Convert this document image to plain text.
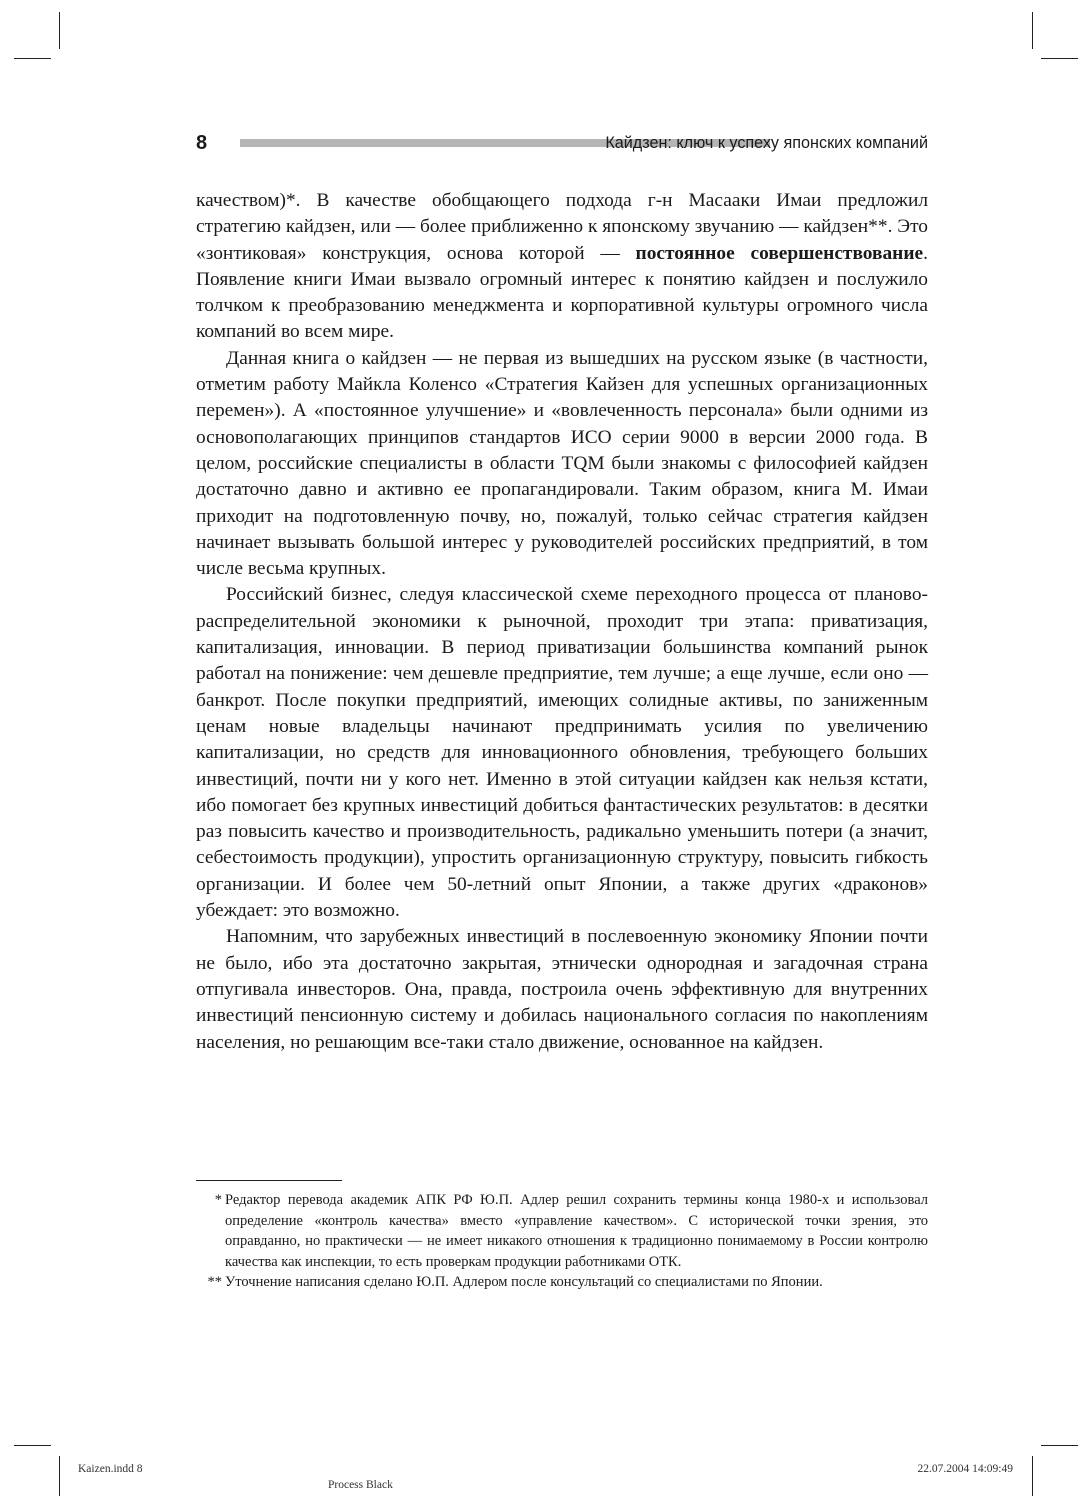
8	Кайдзен: ключ к успеху японских компаний

качеством)*. В качестве обобщающего подхода г-н Масааки Имаи предложил стратегию кайдзен, или — более приближенно к японскому звучанию — кайдзен**. Это «зонтиковая» конструкция, основа которой — постоянное совершенствование. Появление книги Имаи вызвало огромный интерес к понятию кайдзен и послужило толчком к преобразованию менеджмента и корпоративной культуры огромного числа компаний во всем мире.

Данная книга о кайдзен — не первая из вышедших на русском языке (в частности, отметим работу Майкла Коленсо «Стратегия Кайзен для успешных организационных перемен»). А «постоянное улучшение» и «вовлеченность персонала» были одними из основополагающих принципов стандартов ИСО серии 9000 в версии 2000 года. В целом, российские специалисты в области TQM были знакомы с философией кайдзен достаточно давно и активно ее пропагандировали. Таким образом, книга М. Имаи приходит на подготовленную почву, но, пожалуй, только сейчас стратегия кайдзен начинает вызывать большой интерес у руководителей российских предприятий, в том числе весьма крупных.

Российский бизнес, следуя классической схеме переходного процесса от планово-распределительной экономики к рыночной, проходит три этапа: приватизация, капитализация, инновации. В период приватизации большинства компаний рынок работал на понижение: чем дешевле предприятие, тем лучше; а еще лучше, если оно — банкрот. После покупки предприятий, имеющих солидные активы, по заниженным ценам новые владельцы начинают предпринимать усилия по увеличению капитализации, но средств для инновационного обновления, требующего больших инвестиций, почти ни у кого нет. Именно в этой ситуации кайдзен как нельзя кстати, ибо помогает без крупных инвестиций добиться фантастических результатов: в десятки раз повысить качество и производительность, радикально уменьшить потери (а значит, себестоимость продукции), упростить организационную структуру, повысить гибкость организации. И более чем 50-летний опыт Японии, а также других «драконов» убеждает: это возможно.

Напомним, что зарубежных инвестиций в послевоенную экономику Японии почти не было, ибо эта достаточно закрытая, этнически однородная и загадочная страна отпугивала инвесторов. Она, правда, построила очень эффективную для внутренних инвестиций пенсионную систему и добилась национального согласия по накоплениям населения, но решающим все-таки стало движение, основанное на кайдзен.

* Редактор перевода академик АПК РФ Ю.П. Адлер решил сохранить термины конца 1980-х и использовал определение «контроль качества» вместо «управление качеством». С исторической точки зрения, это оправданно, но практически — не имеет никакого отношения к традиционно понимаемому в России контролю качества как инспекции, то есть проверкам продукции работниками ОТК.
** Уточнение написания сделано Ю.П. Адлером после консультаций со специалистами по Японии.
Kaizen.indd 8
Process Black
22.07.2004 14:09:49
